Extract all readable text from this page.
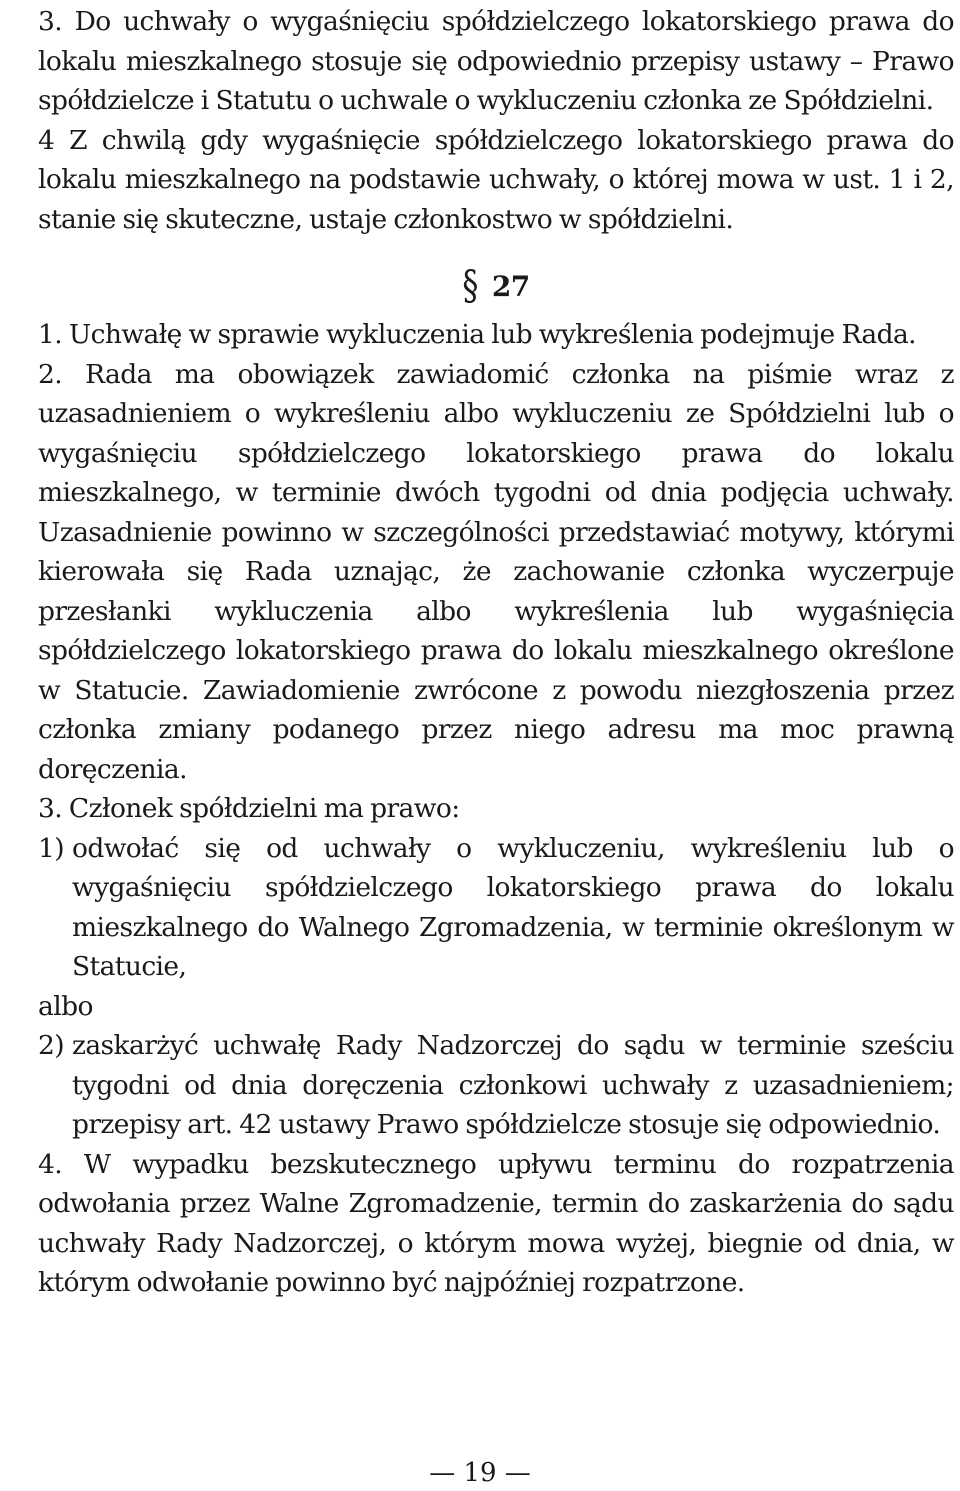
3. Do uchwały o wygaśnięciu spółdzielczego lokatorskiego prawa do lokalu mieszkalnego stosuje się odpowiednio przepisy ustawy – Prawo spółdzielcze i Statutu o uchwale o wykluczeniu członka ze Spółdzielni.

4 Z chwilą gdy wygaśnięcie spółdzielczego lokatorskiego prawa do lokalu mieszkalnego na podstawie uchwały, o której mowa w ust. 1 i 2, stanie się skuteczne, ustaje członkostwo w spółdzielni.

§ 27

1. Uchwałę w sprawie wykluczenia lub wykreślenia podejmuje Rada.

2. Rada ma obowiązek zawiadomić członka na piśmie wraz z uzasadnieniem o wykreśleniu albo wykluczeniu ze Spółdzielni lub o wygaśnięciu spółdzielczego lokatorskiego prawa do lokalu mieszkalnego, w terminie dwóch tygodni od dnia podjęcia uchwały. Uzasadnienie powinno w szczególności przedstawiać motywy, którymi kierowała się Rada uznając, że zachowanie członka wyczerpuje przesłanki wykluczenia albo wykreślenia lub wygaśnięcia spółdzielczego lokatorskiego prawa do lokalu mieszkalnego określone w Statucie. Zawiadomienie zwrócone z powodu niezgłoszenia przez członka zmiany podanego przez niego adresu ma moc prawną doręczenia.

3. Członek spółdzielni ma prawo:

1) odwołać się od uchwały o wykluczeniu, wykreśleniu lub o wygaśnięciu spółdzielczego lokatorskiego prawa do lokalu mieszkalnego do Walnego Zgromadzenia, w terminie określonym w Statucie,
albo
2) zaskarżyć uchwałę Rady Nadzorczej do sądu w terminie sześciu tygodni od dnia doręczenia członkowi uchwały z uzasadnieniem; przepisy art. 42 ustawy Prawo spółdzielcze stosuje się odpowiednio.

4. W wypadku bezskutecznego upływu terminu do rozpatrzenia odwołania przez Walne Zgromadzenie, termin do zaskarżenia do sądu uchwały Rady Nadzorczej, o którym mowa wyżej, biegnie od dnia, w którym odwołanie powinno być najpóźniej rozpatrzone.

— 19 —
